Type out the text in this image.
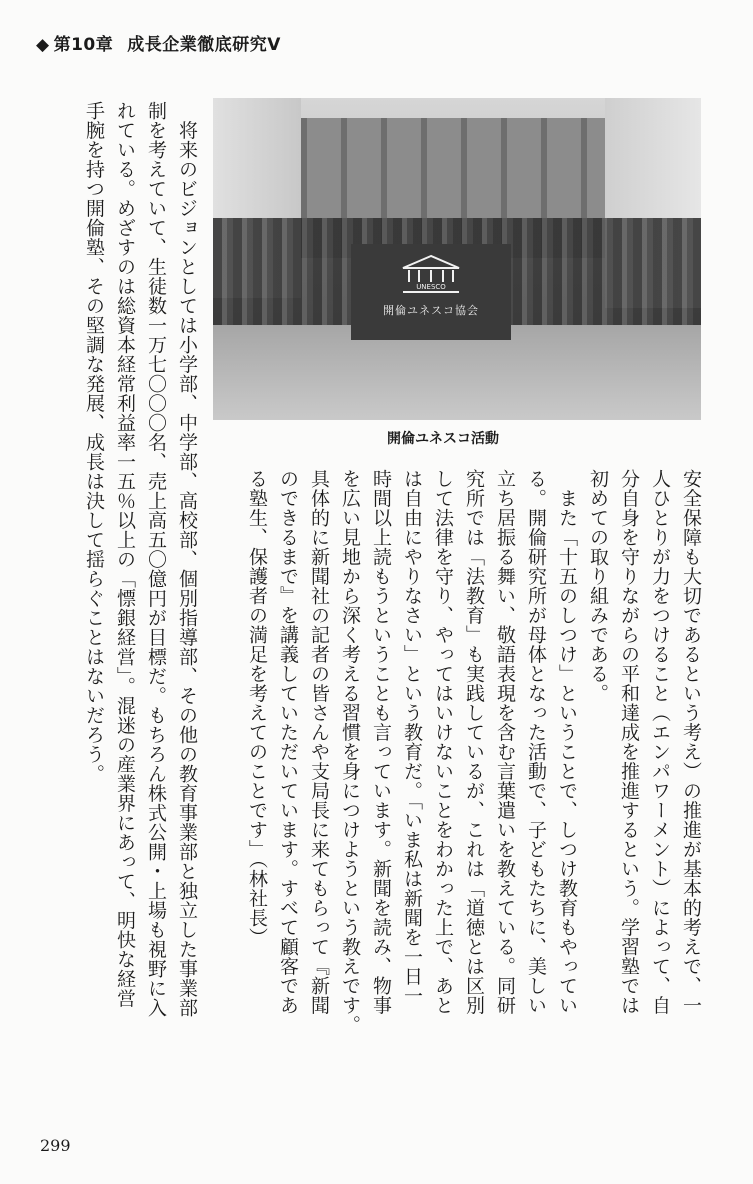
◆ 第10章 成長企業徹底研究Ⅴ
UNESCO
開倫ユネスコ協会
開倫ユネスコ活動

安全保障も大切であるという考え）の推進が基本的考えで、一

人ひとりが力をつけること（エンパワーメント）によって、自

分自身を守りながらの平和達成を推進するという。学習塾では

初めての取り組みである。

　また「十五のしつけ」ということで、しつけ教育もやってい

る。開倫研究所が母体となった活動で、子どもたちに、美しい

立ち居振る舞い、敬語表現を含む言葉遣いを教えている。同研

究所では「法教育」も実践しているが、これは「道徳とは区別

して法律を守り、やってはいけないことをわかった上で、あと

は自由にやりなさい」という教育だ。「いま私は新聞を一日一

時間以上読もうということも言っています。新聞を読み、物事

を広い見地から深く考える習慣を身につけようという教えです。

具体的に新聞社の記者の皆さんや支局長に来てもらって『新聞

のできるまで』を講義していただいています。すべて顧客であ

る塾生、保護者の満足を考えてのことです」（林社長）

　将来のビジョンとしては小学部、中学部、高校部、個別指導部、その他の教育事業部と独立した事業部

制を考えていて、生徒数一万七〇〇〇名、売上高五〇億円が目標だ。もちろん株式公開・上場も視野に入

れている。めざすのは総資本経常利益率一五％以上の「慓銀経営」。混迷の産業界にあって、明快な経営

手腕を持つ開倫塾、その堅調な発展、成長は決して揺らぐことはないだろう。

299
